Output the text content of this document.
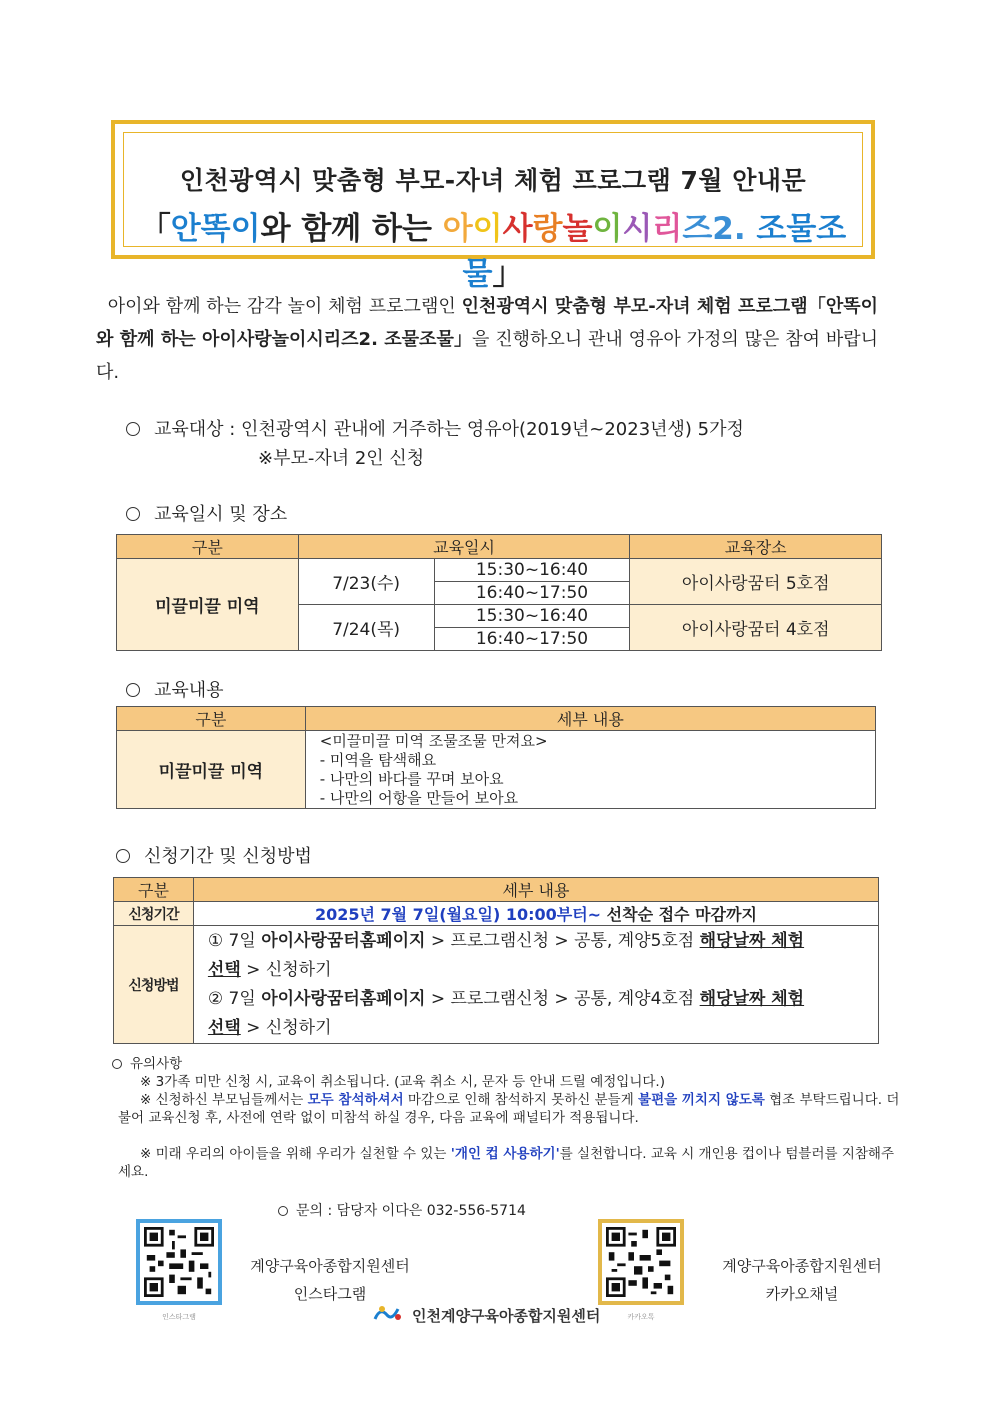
인천광역시 맞춤형 부모-자녀 체험 프로그램 7월 안내문
「안똑이와 함께 하는 아이사랑놀이시리즈2. 조물조물」
아이와 함께 하는 감각 놀이 체험 프로그램인 인천광역시 맞춤형 부모-자녀 체험 프로그램「안똑이와 함께 하는 아이사랑놀이시리즈2. 조물조물」을 진행하오니 관내 영유아 가정의 많은 참여 바랍니다.
교육대상 : 인천광역시 관내에 거주하는 영유아(2019년~2023년생) 5가정
※부모-자녀 2인 신청
교육일시 및 장소
구분	교육일시		교육장소
미끌미끌 미역	7/23(수)	15:30~16:40	아이사랑꿈터 5호점
		16:40~17:50	
	7/24(목)	15:30~16:40	아이사랑꿈터 4호점
		16:40~17:50	
교육내용
구분	세부 내용
미끌미끌 미역	<미끌미끌 미역 조물조물 만져요>
- 미역을 탐색해요
- 나만의 바다를 꾸며 보아요
- 나만의 어항을 만들어 보아요
신청기간 및 신청방법
구분	세부 내용
신청기간	2025년 7월 7일(월요일) 10:00부터~ 선착순 접수 마감까지
신청방법	① 7일 아이사랑꿈터홈페이지 > 프로그램신청 > 공통, 계양5호점 해당날짜 체험
선택 > 신청하기
② 7일 아이사랑꿈터홈페이지 > 프로그램신청 > 공통, 계양4호점 해당날짜 체험
선택 > 신청하기
유의사항
※ 3가족 미만 신청 시, 교육이 취소됩니다. (교육 취소 시, 문자 등 안내 드릴 예정입니다.)
※ 신청하신 부모님들께서는 모두 참석하셔서 마감으로 인해 참석하지 못하신 분들게 불편을 끼치지 않도록 협조 부탁드립니다. 더불어 교육신청 후, 사전에 연락 없이 미참석 하실 경우, 다음 교육에 패널티가 적용됩니다.
※ 미래 우리의 아이들을 위해 우리가 실천할 수 있는 '개인 컵 사용하기'를 실천합니다. 교육 시 개인용 컵이나 텀블러를 지참해주세요.
문의 : 담당자 이다은 032-556-5714
인스타그램
계양구육아종합지원센터
인스타그램
인천계양구육아종합지원센터	카카오톡
계양구육아종합지원센터
카카오채널
